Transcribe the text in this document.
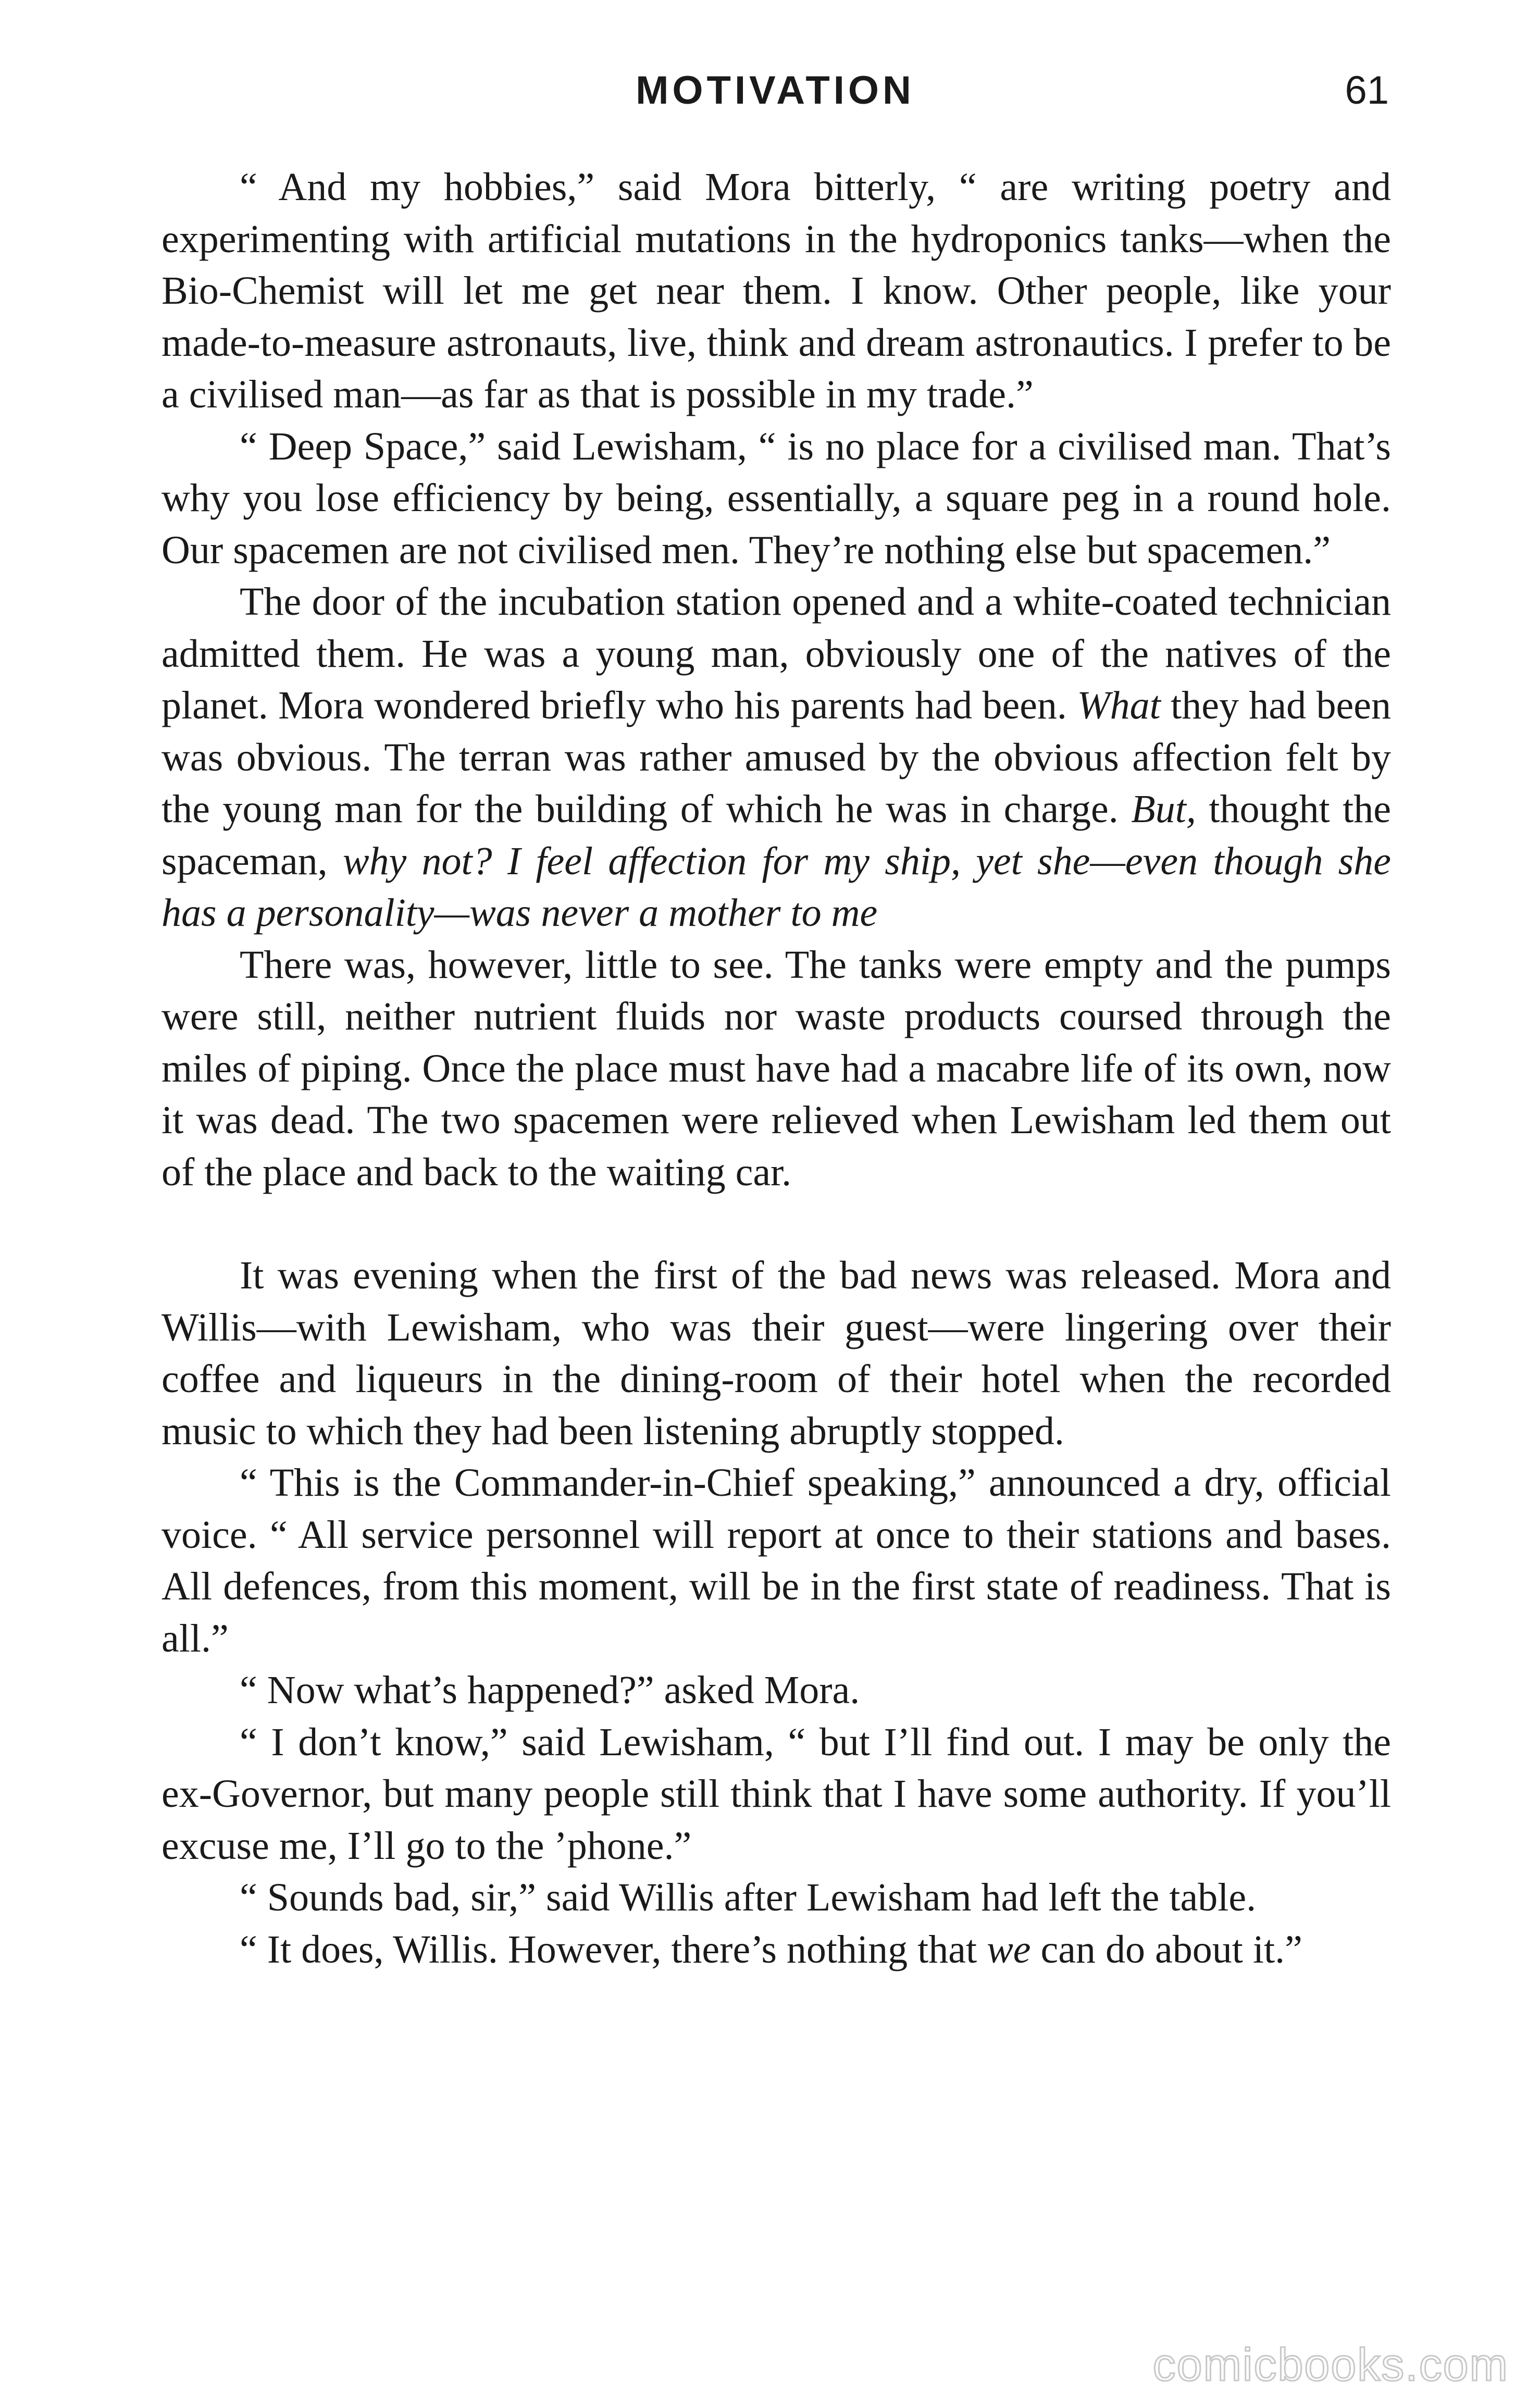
MOTIVATION	61

“ And my hobbies,” said Mora bitterly, “ are writing poetry and experimenting with artificial mutations in the hydroponics tanks—when the Bio-Chemist will let me get near them. I know. Other people, like your made-to-measure astronauts, live, think and dream astronautics. I prefer to be a civilised man—as far as that is possible in my trade.”

“ Deep Space,” said Lewisham, “ is no place for a civilised man. That’s why you lose efficiency by being, essentially, a square peg in a round hole. Our spacemen are not civilised men. They’re nothing else but spacemen.”

The door of the incubation station opened and a white-coated technician admitted them. He was a young man, obviously one of the natives of the planet. Mora wondered briefly who his parents had been. What they had been was obvious. The terran was rather amused by the obvious affection felt by the young man for the building of which he was in charge. But, thought the spaceman, why not? I feel affection for my ship, yet she—even though she has a personality—was never a mother to me

There was, however, little to see. The tanks were empty and the pumps were still, neither nutrient fluids nor waste products coursed through the miles of piping. Once the place must have had a macabre life of its own, now it was dead. The two spacemen were relieved when Lewisham led them out of the place and back to the waiting car.

It was evening when the first of the bad news was released. Mora and Willis—with Lewisham, who was their guest—were lingering over their coffee and liqueurs in the dining-room of their hotel when the recorded music to which they had been listening abruptly stopped.

“ This is the Commander-in-Chief speaking,” announced a dry, official voice. “ All service personnel will report at once to their stations and bases. All defences, from this moment, will be in the first state of readiness. That is all.”

“ Now what’s happened?” asked Mora.

“ I don’t know,” said Lewisham, “ but I’ll find out. I may be only the ex-Governor, but many people still think that I have some authority. If you’ll excuse me, I’ll go to the ’phone.”

“ Sounds bad, sir,” said Willis after Lewisham had left the table.

“ It does, Willis. However, there’s nothing that we can do about it.”

comicbooks.com
